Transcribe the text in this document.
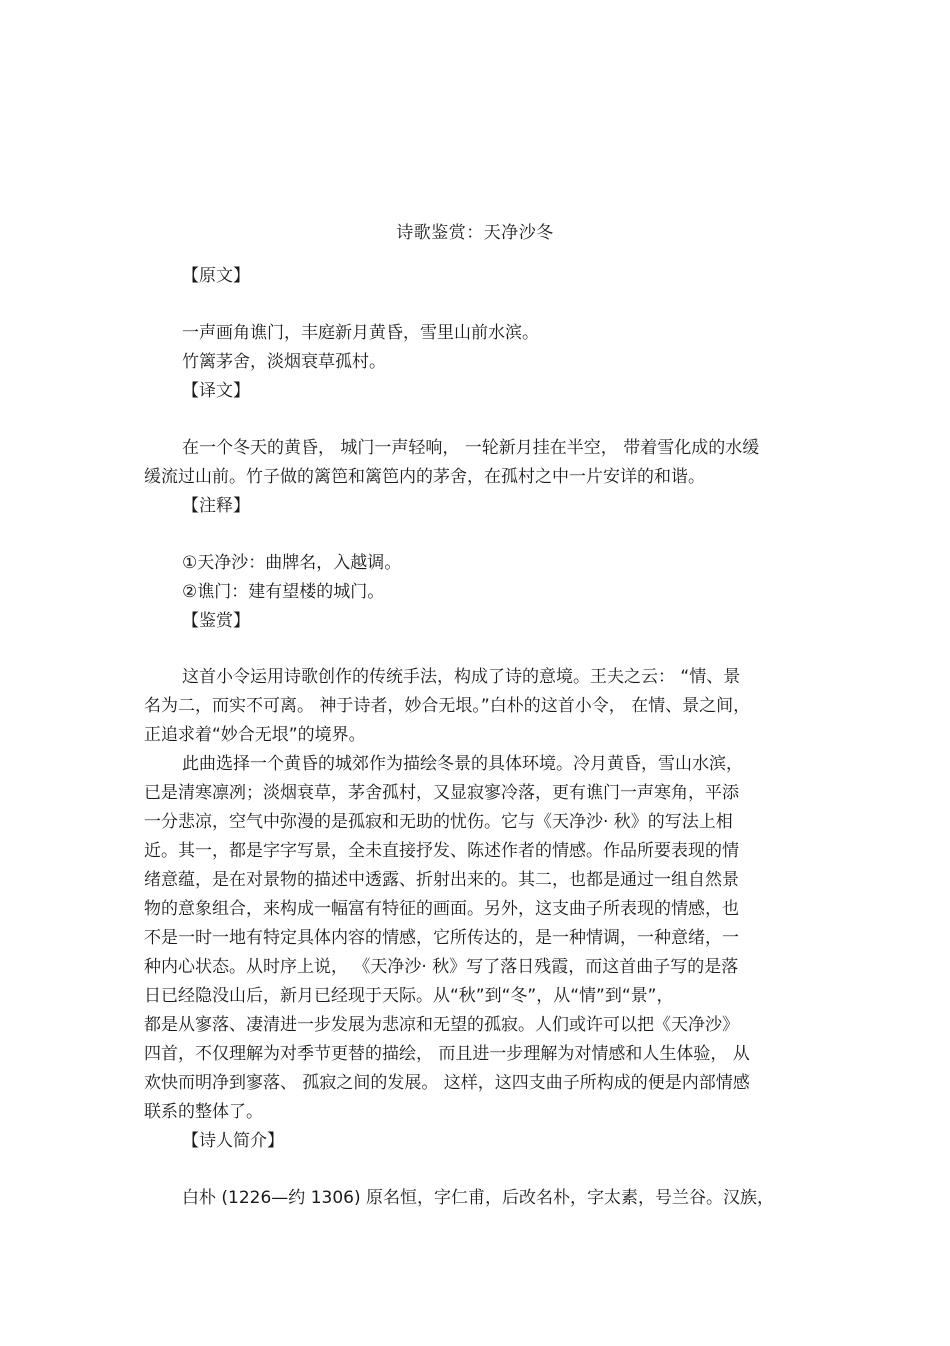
诗歌鉴赏：天净沙冬
【原文】
一声画角谯门，丰庭新月黄昏，雪里山前水滨。
竹篱茅舍，淡烟衰草孤村。
【译文】
在一个冬天的黄昏， 城门一声轻响， 一轮新月挂在半空， 带着雪化成的水缓
缓流过山前。竹子做的篱笆和篱笆内的茅舍，在孤村之中一片安详的和谐。
【注释】
①天净沙：曲牌名，入越调。
②谯门：建有望楼的城门。
【鉴赏】
这首小令运用诗歌创作的传统手法，构成了诗的意境。王夫之云： “情、景
名为二，而实不可离。 神于诗者，妙合无垠。”白朴的这首小令， 在情、景之间，
正追求着“妙合无垠”的境界。
此曲选择一个黄昏的城郊作为描绘冬景的具体环境。冷月黄昏，雪山水滨，
已是清寒凛冽；淡烟衰草，茅舍孤村，又显寂寥冷落，更有谯门一声寒角，平添
一分悲凉，空气中弥漫的是孤寂和无助的忧伤。它与《天净沙· 秋》的写法上相
近。其一，都是字字写景，全未直接抒发、陈述作者的情感。作品所要表现的情
绪意蕴，是在对景物的描述中透露、折射出来的。其二，也都是通过一组自然景
物的意象组合，来构成一幅富有特征的画面。另外，这支曲子所表现的情感，也
不是一时一地有特定具体内容的情感，它所传达的，是一种情调，一种意绪，一
种内心状态。从时序上说， 《天净沙· 秋》写了落日残霞，而这首曲子写的是落
日已经隐没山后，新月已经现于天际。从“秋”到“冬”，从“情”到“景”，
都是从寥落、凄清进一步发展为悲凉和无望的孤寂。人们或许可以把《天净沙》
四首，不仅理解为对季节更替的描绘， 而且进一步理解为对情感和人生体验， 从
欢快而明净到寥落、 孤寂之间的发展。 这样，这四支曲子所构成的便是内部情感
联系的整体了。
【诗人简介】
白朴 (1226—约 1306) 原名恒，字仁甫，后改名朴，字太素，号兰谷。汉族，
